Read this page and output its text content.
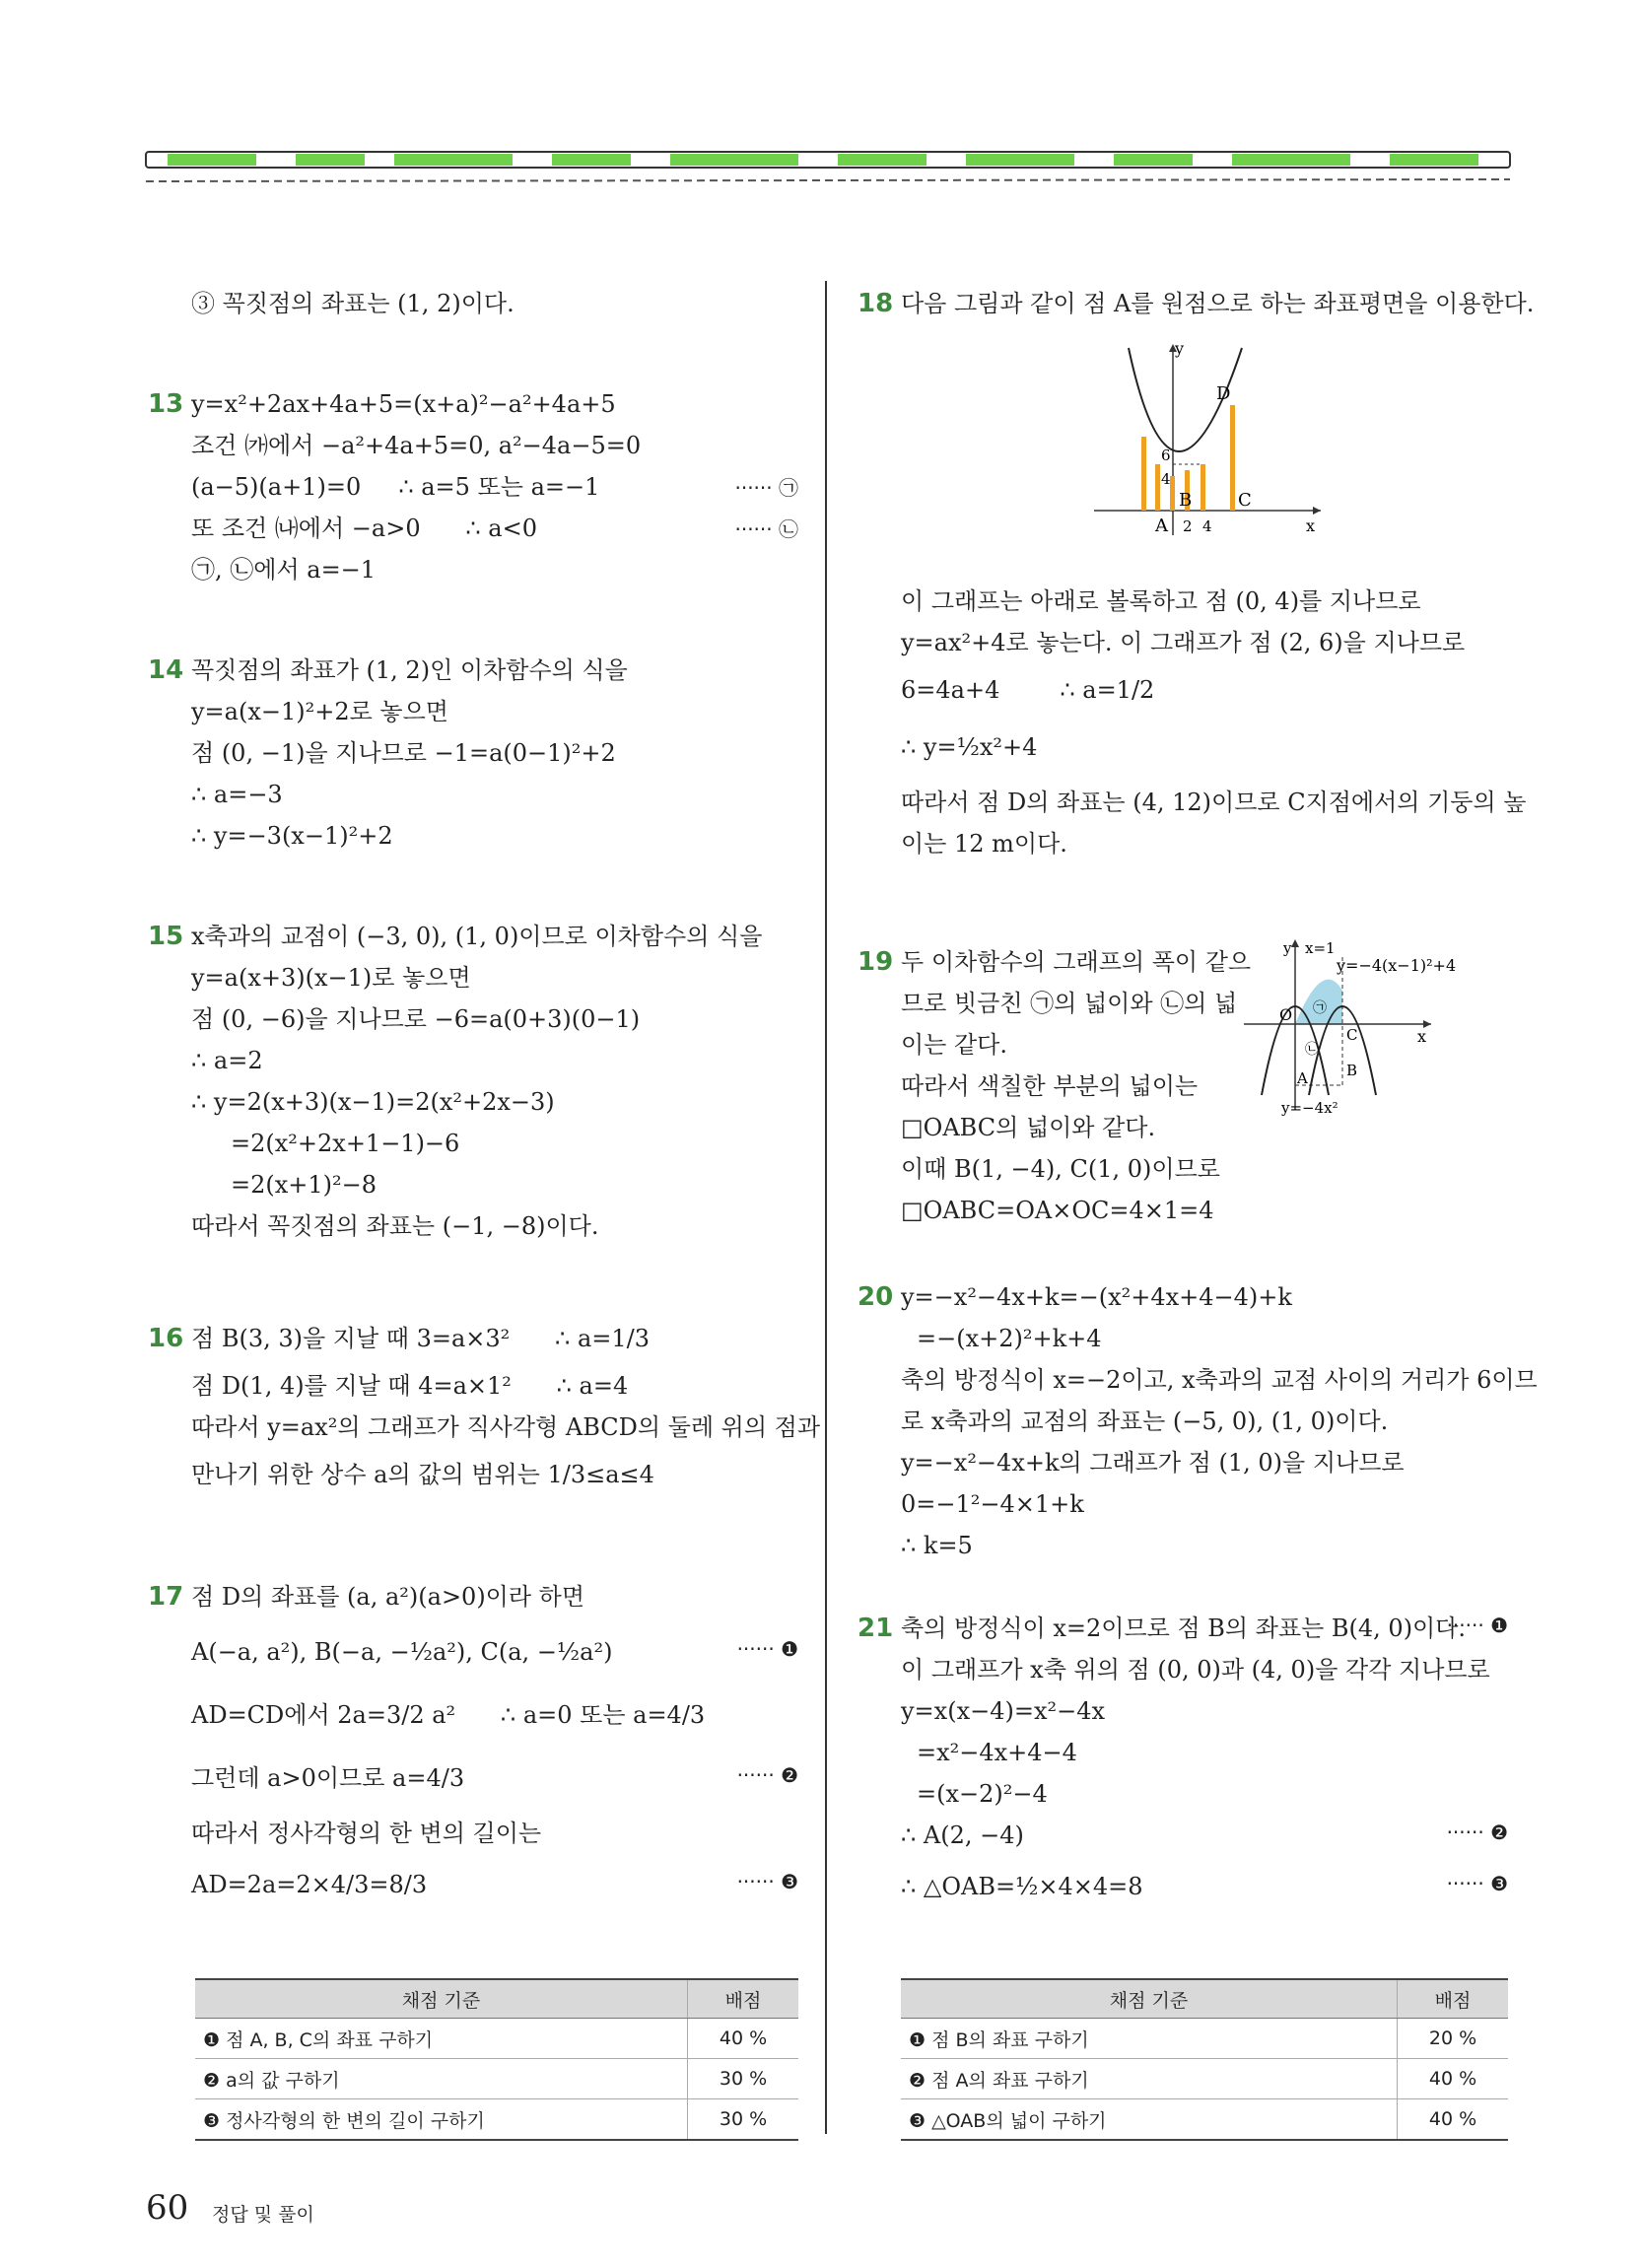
③ 꼭짓점의 좌표는 (1, 2)이다.
13 y=x²+2ax+4a+5=(x+a)²−a²+4a+5
조건 ㈎에서 −a²+4a+5=0, a²−4a−5=0
(a−5)(a+1)=0     ∴ a=5 또는 a=−1	······ ㉠
또 조건 ㈏에서 −a>0      ∴ a<0	······ ㉡
㉠, ㉡에서 a=−1
14 꼭짓점의 좌표가 (1, 2)인 이차함수의 식을
y=a(x−1)²+2로 놓으면
점 (0, −1)을 지나므로 −1=a(0−1)²+2
∴ a=−3
∴ y=−3(x−1)²+2
15 x축과의 교점이 (−3, 0), (1, 0)이므로 이차함수의 식을
y=a(x+3)(x−1)로 놓으면
점 (0, −6)을 지나므로 −6=a(0+3)(0−1)
∴ a=2
∴ y=2(x+3)(x−1)=2(x²+2x−3)
=2(x²+2x+1−1)−6
=2(x+1)²−8
따라서 꼭짓점의 좌표는 (−1, −8)이다.
16 점 B(3, 3)을 지날 때 3=a×3²      ∴ a=1/3
점 D(1, 4)를 지날 때 4=a×1²      ∴ a=4
따라서 y=ax²의 그래프가 직사각형 ABCD의 둘레 위의 점과
만나기 위한 상수 a의 값의 범위는 1/3≤a≤4
17 점 D의 좌표를 (a, a²)(a>0)이라 하면
A(−a, a²), B(−a, −½a²), C(a, −½a²)	······ ❶
AD=CD에서 2a=3/2 a²      ∴ a=0 또는 a=4/3
그런데 a>0이므로 a=4/3	······ ❷
따라서 정사각형의 한 변의 길이는
AD=2a=2×4/3=8/3	······ ❸
채점 기준	배점
❶ 점 A, B, C의 좌표 구하기	40 %
❷ a의 값 구하기	30 %
❸ 정사각형의 한 변의 길이 구하기	30 %
18 다음 그림과 같이 점 A를 원점으로 하는 좌표평면을 이용한다.
y
x
D
6
4
B	C
A 2 4
이 그래프는 아래로 볼록하고 점 (0, 4)를 지나므로
y=ax²+4로 놓는다. 이 그래프가 점 (2, 6)을 지나므로
6=4a+4        ∴ a=1/2
∴ y=½x²+4
따라서 점 D의 좌표는 (4, 12)이므로 C지점에서의 기둥의 높
이는 12 m이다.
19 두 이차함수의 그래프의 폭이 같으
므로 빗금친 ㉠의 넓이와 ㉡의 넓
이는 같다.
따라서 색칠한 부분의 넓이는
□OABC의 넓이와 같다.
이때 B(1, −4), C(1, 0)이므로
□OABC=OA×OC=4×1=4
y x=1
y=−4(x−1)²+4
O
x
㉠
C
㉡
A	B
y=−4x²
20 y=−x²−4x+k=−(x²+4x+4−4)+k
=−(x+2)²+k+4
축의 방정식이 x=−2이고, x축과의 교점 사이의 거리가 6이므
로 x축과의 교점의 좌표는 (−5, 0), (1, 0)이다.
y=−x²−4x+k의 그래프가 점 (1, 0)을 지나므로
0=−1²−4×1+k
∴ k=5
21 축의 방정식이 x=2이므로 점 B의 좌표는 B(4, 0)이다.
······ ❶
이 그래프가 x축 위의 점 (0, 0)과 (4, 0)을 각각 지나므로
y=x(x−4)=x²−4x
=x²−4x+4−4
=(x−2)²−4
∴ A(2, −4)	······ ❷
∴ △OAB=½×4×4=8	······ ❸
채점 기준	배점
❶ 점 B의 좌표 구하기	20 %
❷ 점 A의 좌표 구하기	40 %
❸ △OAB의 넓이 구하기	40 %
60 정답 및 풀이
